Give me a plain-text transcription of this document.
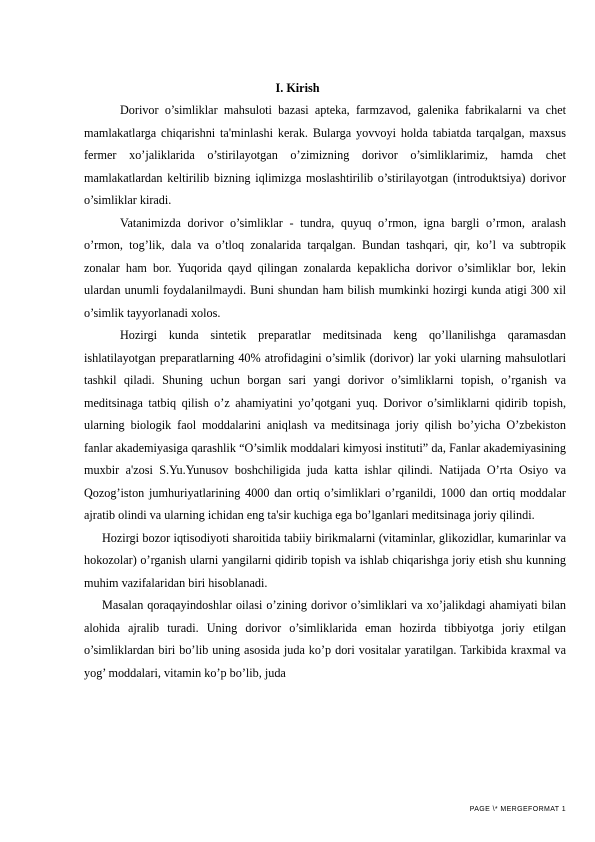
I. Kirish

Dorivor o’simliklar mahsuloti bazasi apteka, farmzavod, galenika fabrikalarni va chet mamlakatlarga chiqarishni ta'minlashi kerak. Bularga yovvoyi holda tabiatda tarqalgan, maxsus fermer xo’jaliklarida o’stirilayotgan o’zimizning dorivor o’simliklarimiz, hamda chet mamlakatlardan keltirilib bizning iqlimizga moslashtirilib o’stirilayotgan (introduktsiya) dorivor o’simliklar kiradi.

Vatanimizda dorivor o’simliklar - tundra, quyuq o’rmon, igna bargli o’rmon, aralash o’rmon, tog’lik, dala va o’tloq zonalarida tarqalgan. Bundan tashqari, qir, ko’l va subtropik zonalar ham bor. Yuqorida qayd qilingan zonalarda kераklicha dorivor o’simliklar bor, lekin ulardan unumli foydalanilmaydi. Buni shundan ham bilish mumkinki hozirgi kunda atigi 300 xil o’simlik tayyorlanadi xolos.

Hozirgi kunda sintetik preparatlar meditsinada keng qo’llanilishga qaramasdan ishlatilayotgan preparatlarning 40% atrofidagini o’simlik (dorivor) lar yoki ularning mahsulotlari tashkil qiladi. Shuning uchun borgan sari yangi dorivor o’simliklarni topish, o’rganish va meditsinaga tatbiq qilish o’z ahamiyatini yo’qotgani yuq. Dorivor o’simliklarni qidirib topish, ularning biologik faol moddalarini aniqlash va meditsinaga joriy qilish bo’yicha O’zbekiston fanlar akademiyasiga qarashlik “O’simlik moddalari kimyosi instituti” da, Fanlar akademiyasining muxbir a'zosi S.Yu.Yunusov boshchiligida juda katta ishlar qilindi. Natijada O’rta Osiyo va Qozog’iston jumhuriyatlarining 4000 dan ortiq o’simliklari o’rganildi, 1000 dan ortiq moddalar ajratib olindi va ularning ichidan eng ta'sir kuchiga ega bo’lganlari meditsinaga joriy qilindi.

Hozirgi bozor iqtisodiyoti sharoitida tabiiy birikmalarni (vitaminlar, glikozidlar, kumarinlar va hokozolar) o’rganish ularni yangilarni qidirib topish va ishlab chiqarishga joriy etish shu kunning muhim vazifalaridan biri hisoblanadi.

Masalan qoraqayindoshlar oilasi o’zining dorivor o’simliklari va xo’jalikdagi ahamiyati bilan alohida ajralib turadi. Uning dorivor o’simliklarida eman hozirda tibbiyotga joriy etilgan o’simliklardan biri bo’lib uning asosida juda ko’p dori vositalar yaratilgan. Tarkibida kraxmal va yog’ moddalari, vitamin ko’p bo’lib, juda

PAGE \* MERGEFORMAT 1
